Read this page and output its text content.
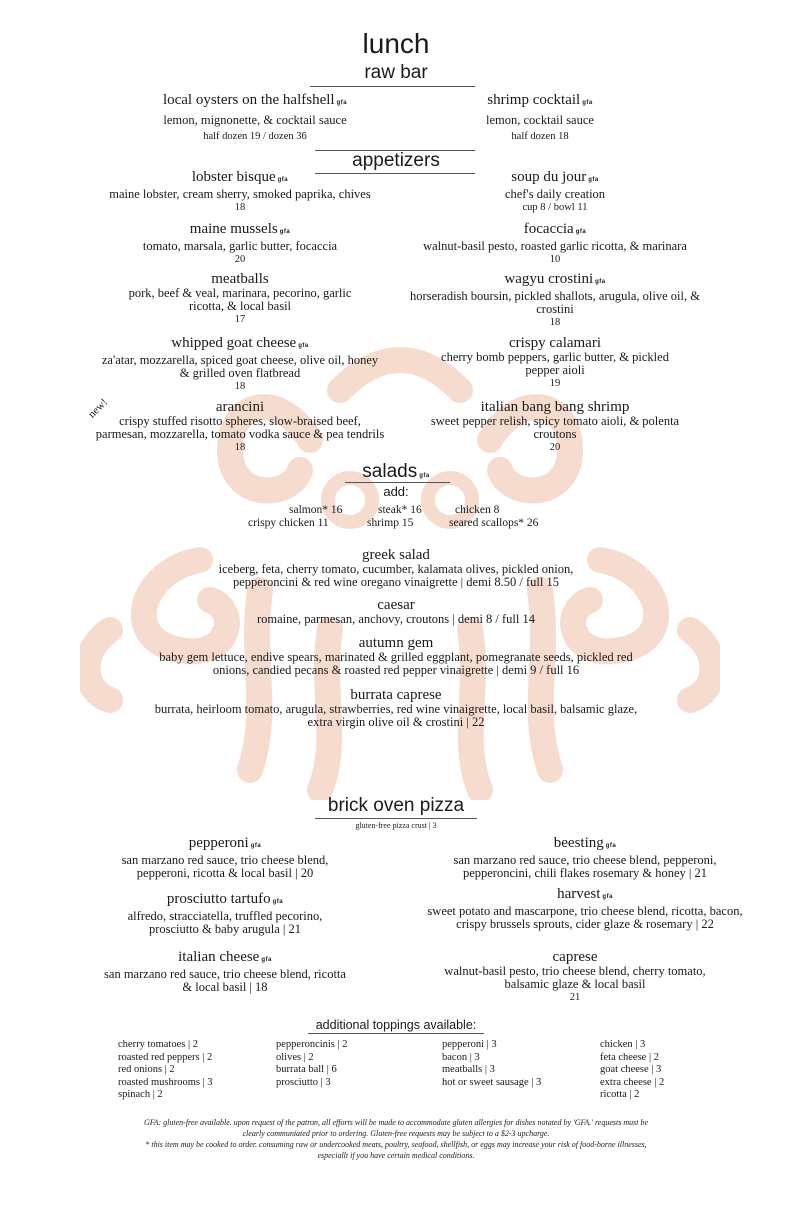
lunch
raw bar
local oysters on the halfshell gfa
lemon, mignonette, & cocktail sauce
half dozen 19 / dozen 36
shrimp cocktail gfa
lemon, cocktail sauce
half dozen 18
appetizers
lobster bisque gfa
maine lobster, cream sherry, smoked paprika, chives
18
soup du jour gfa
chef's daily creation
cup 8 / bowl 11
maine mussels gfa
tomato, marsala, garlic butter, focaccia
20
focaccia gfa
walnut-basil pesto, roasted garlic ricotta, & marinara
10
meatballs
pork, beef & veal, marinara, pecorino, garlic ricotta, & local basil
17
wagyu crostini gfa
horseradish boursin, pickled shallots, arugula, olive oil, & crostini
18
whipped goat cheese gfa
za'atar, mozzarella, spiced goat cheese, olive oil, honey & grilled oven flatbread
18
crispy calamari
cherry bomb peppers, garlic butter, & pickled pepper aioli
19
new!	arancini
crispy stuffed risotto spheres, slow-braised beef, parmesan, mozzarella, tomato vodka sauce & pea tendrils
18
italian bang bang shrimp
sweet pepper relish, spicy tomato aioli, & polenta croutons
20
salads gfa
add:
salmon* 16	steak* 16	chicken 8
crispy chicken 11	shrimp 15	seared scallops* 26
greek salad
iceberg, feta, cherry tomato, cucumber, kalamata olives, pickled onion,
pepperoncini & red wine oregano vinaigrette | demi 8.50 / full 15
caesar
romaine, parmesan, anchovy, croutons | demi 8 / full 14
autumn gem
baby gem lettuce, endive spears, marinated & grilled eggplant, pomegranate seeds, pickled red
onions, candied pecans & roasted red pepper vinaigrette | demi 9 / full 16
burrata caprese
burrata, heirloom tomato, arugula, strawberries, red wine vinaigrette, local basil, balsamic glaze,
extra virgin olive oil & crostini | 22
brick oven pizza
gluten-free pizza crust | 3
pepperoni gfa
san marzano red sauce, trio cheese blend, pepperoni, ricotta & local basil | 20
beesting gfa
san marzano red sauce, trio cheese blend, pepperoni, pepperoncini, chili flakes rosemary & honey | 21
prosciutto tartufo gfa
alfredo, stracciatella, truffled pecorino, prosciutto & baby arugula | 21
harvest gfa
sweet potato and mascarpone, trio cheese blend, ricotta, bacon, crispy brussels sprouts, cider glaze & rosemary | 22
italian cheese gfa
san marzano red sauce, trio cheese blend, ricotta & local basil | 18
caprese
walnut-basil pesto, trio cheese blend, cherry tomato, balsamic glaze & local basil
21
additional toppings available:
cherry tomatoes | 2
roasted red peppers | 2
red onions | 2
roasted mushrooms | 3
spinach | 2
pepperoncinis | 2
olives | 2
burrata ball | 6
prosciutto | 3
pepperoni | 3
bacon | 3
meatballs | 3
hot or sweet sausage | 3
chicken | 3
feta cheese | 2
goat cheese | 3
extra cheese | 2
ricotta | 2
GFA: gluten-free available. upon request of the patron, all efforts will be made to accommodate gluten allergies for dishes notated by 'GFA.' requests must be
clearly communiated prior to ordering. Gluten-free requests may be subject to a $2-3 upcharge.
* this item may be cooked to order. consuming raw or undercooked meats, poultry, seafood, shellfish, or eggs may increase your risk of food-borne illnesses,
especiallt if you have certain medical conditions.
